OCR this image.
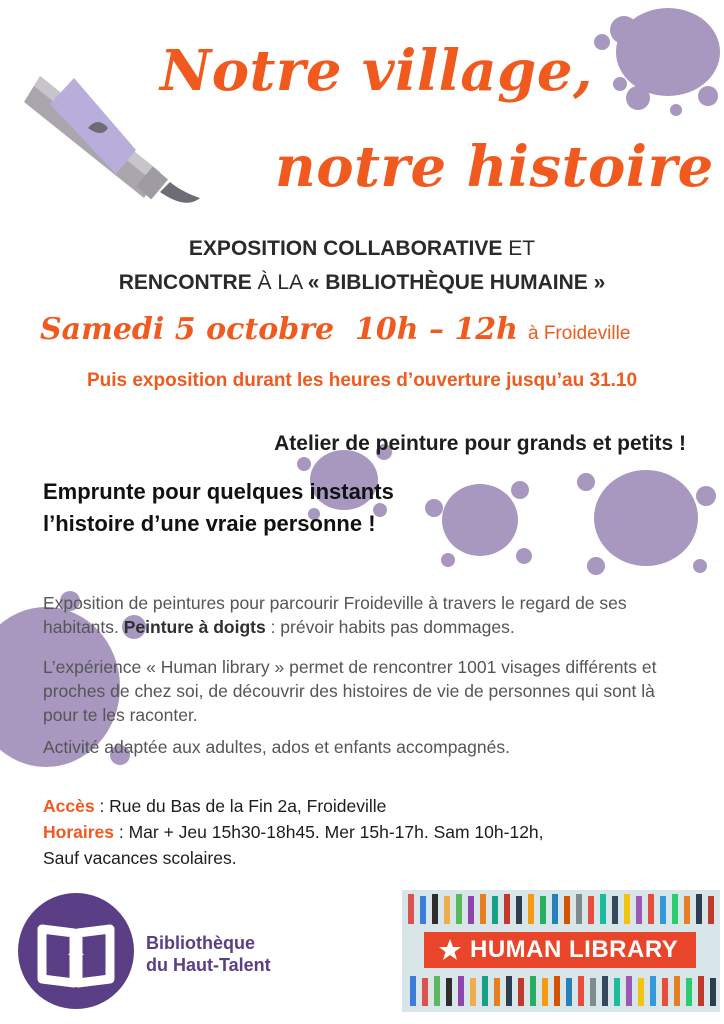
Notre village,
notre histoire
EXPOSITION COLLABORATIVE ET
RENCONTRE À LA « BIBLIOTHÈQUE HUMAINE »
Samedi 5 octobre  10h – 12h à Froideville
Puis exposition durant les heures d’ouverture jusqu’au 31.10
Atelier de peinture pour grands et petits !
Emprunte pour quelques instants
l’histoire d’une vraie personne !
Exposition de peintures pour parcourir Froideville à travers le regard de ses habitants. Peinture à doigts : prévoir habits pas dommages.
L’expérience « Human library » permet de rencontrer 1001 visages différents et proches de chez soi, de découvrir des histoires de vie de personnes qui sont là pour te les raconter.
Activité adaptée aux adultes, ados et enfants accompagnés.
Accès : Rue du Bas de la Fin 2a, Froideville
Horaires : Mar + Jeu 15h30-18h45. Mer 15h-17h. Sam 10h-12h,
Sauf vacances scolaires.
Bibliothèque
du Haut-Talent
HUMAN LIBRARY
